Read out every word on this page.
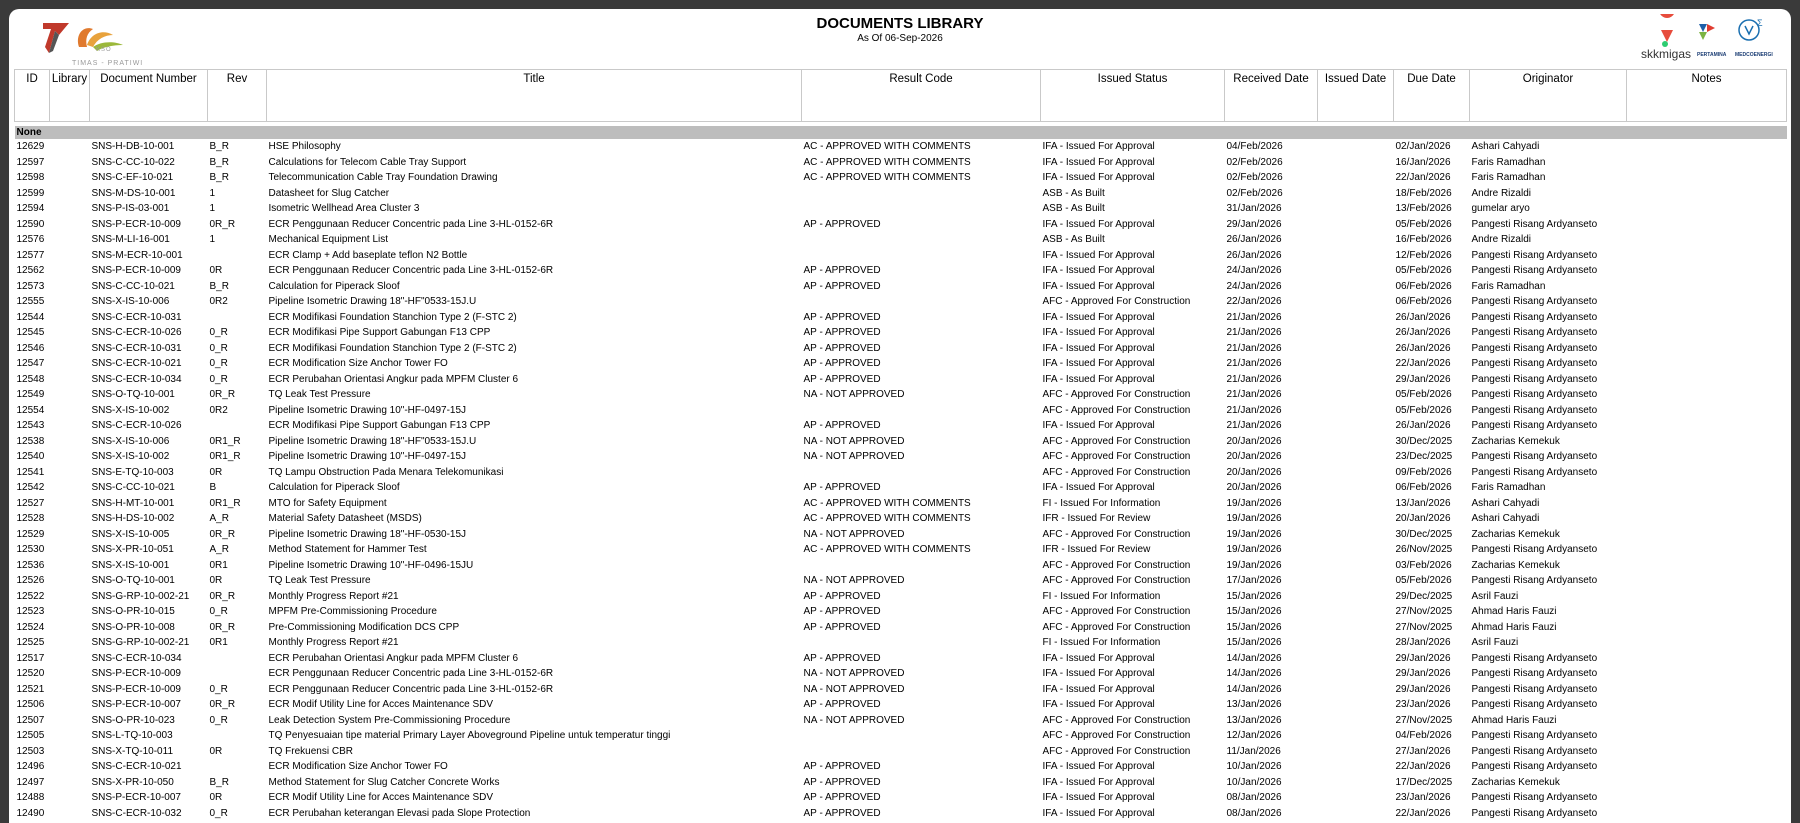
KSO
TIMAS - PRATIWI
DOCUMENTS LIBRARY
As Of 06-Sep-2026
Σ
skkmigas PERTAMINA MEDCOENERGI
ID	Library	Document Number	Rev	Title	Result Code	Issued Status	Received Date	Issued Date	Due Date	Originator	Notes

None											
12629		SNS-H-DB-10-001	B_R	HSE Philosophy	AC - APPROVED WITH COMMENTS	IFA - Issued For Approval	04/Feb/2026		02/Jan/2026	Ashari Cahyadi	
12597		SNS-C-CC-10-022	B_R	Calculations for Telecom Cable Tray Support	AC - APPROVED WITH COMMENTS	IFA - Issued For Approval	02/Feb/2026		16/Jan/2026	Faris Ramadhan	
12598		SNS-C-EF-10-021	B_R	Telecommunication Cable Tray Foundation Drawing	AC - APPROVED WITH COMMENTS	IFA - Issued For Approval	02/Feb/2026		22/Jan/2026	Faris Ramadhan	
12599		SNS-M-DS-10-001	1	Datasheet for Slug Catcher		ASB - As Built	02/Feb/2026		18/Feb/2026	Andre Rizaldi	
12594		SNS-P-IS-03-001	1	Isometric Wellhead Area Cluster 3		ASB - As Built	31/Jan/2026		13/Feb/2026	gumelar aryo	
12590		SNS-P-ECR-10-009	0R_R	ECR Penggunaan Reducer Concentric pada Line 3-HL-0152-6R	AP - APPROVED	IFA - Issued For Approval	29/Jan/2026		05/Feb/2026	Pangesti Risang Ardyanseto	
12576		SNS-M-LI-16-001	1	Mechanical Equipment List		ASB - As Built	26/Jan/2026		16/Feb/2026	Andre Rizaldi	
12577		SNS-M-ECR-10-001		ECR Clamp + Add baseplate teflon N2 Bottle		IFA - Issued For Approval	26/Jan/2026		12/Feb/2026	Pangesti Risang Ardyanseto	
12562		SNS-P-ECR-10-009	0R	ECR Penggunaan Reducer Concentric pada Line 3-HL-0152-6R	AP - APPROVED	IFA - Issued For Approval	24/Jan/2026		05/Feb/2026	Pangesti Risang Ardyanseto	
12573		SNS-C-CC-10-021	B_R	Calculation for Piperack Sloof	AP - APPROVED	IFA - Issued For Approval	24/Jan/2026		06/Feb/2026	Faris Ramadhan	
12555		SNS-X-IS-10-006	0R2	Pipeline Isometric Drawing 18"-HF"0533-15J.U		AFC - Approved For Construction	22/Jan/2026		06/Feb/2026	Pangesti Risang Ardyanseto	
12544		SNS-C-ECR-10-031		ECR Modifikasi Foundation Stanchion Type 2 (F-STC 2)	AP - APPROVED	IFA - Issued For Approval	21/Jan/2026		26/Jan/2026	Pangesti Risang Ardyanseto	
12545		SNS-C-ECR-10-026	0_R	ECR Modifikasi Pipe Support Gabungan F13 CPP	AP - APPROVED	IFA - Issued For Approval	21/Jan/2026		26/Jan/2026	Pangesti Risang Ardyanseto	
12546		SNS-C-ECR-10-031	0_R	ECR Modifikasi Foundation Stanchion Type 2 (F-STC 2)	AP - APPROVED	IFA - Issued For Approval	21/Jan/2026		26/Jan/2026	Pangesti Risang Ardyanseto	
12547		SNS-C-ECR-10-021	0_R	ECR Modification Size Anchor Tower FO	AP - APPROVED	IFA - Issued For Approval	21/Jan/2026		22/Jan/2026	Pangesti Risang Ardyanseto	
12548		SNS-C-ECR-10-034	0_R	ECR Perubahan Orientasi Angkur pada MPFM Cluster 6	AP - APPROVED	IFA - Issued For Approval	21/Jan/2026		29/Jan/2026	Pangesti Risang Ardyanseto	
12549		SNS-O-TQ-10-001	0R_R	TQ Leak Test Pressure	NA - NOT APPROVED	AFC - Approved For Construction	21/Jan/2026		05/Feb/2026	Pangesti Risang Ardyanseto	
12554		SNS-X-IS-10-002	0R2	Pipeline Isometric Drawing 10"-HF-0497-15J		AFC - Approved For Construction	21/Jan/2026		05/Feb/2026	Pangesti Risang Ardyanseto	
12543		SNS-C-ECR-10-026		ECR Modifikasi Pipe Support Gabungan F13 CPP	AP - APPROVED	IFA - Issued For Approval	21/Jan/2026		26/Jan/2026	Pangesti Risang Ardyanseto	
12538		SNS-X-IS-10-006	0R1_R	Pipeline Isometric Drawing 18"-HF"0533-15J.U	NA - NOT APPROVED	AFC - Approved For Construction	20/Jan/2026		30/Dec/2025	Zacharias Kemekuk	
12540		SNS-X-IS-10-002	0R1_R	Pipeline Isometric Drawing 10"-HF-0497-15J	NA - NOT APPROVED	AFC - Approved For Construction	20/Jan/2026		23/Dec/2025	Pangesti Risang Ardyanseto	
12541		SNS-E-TQ-10-003	0R	TQ Lampu Obstruction Pada Menara Telekomunikasi		AFC - Approved For Construction	20/Jan/2026		09/Feb/2026	Pangesti Risang Ardyanseto	
12542		SNS-C-CC-10-021	B	Calculation for Piperack Sloof	AP - APPROVED	IFA - Issued For Approval	20/Jan/2026		06/Feb/2026	Faris Ramadhan	
12527		SNS-H-MT-10-001	0R1_R	MTO for Safety Equipment	AC - APPROVED WITH COMMENTS	FI - Issued For Information	19/Jan/2026		13/Jan/2026	Ashari Cahyadi	
12528		SNS-H-DS-10-002	A_R	Material Safety Datasheet (MSDS)	AC - APPROVED WITH COMMENTS	IFR - Issued For Review	19/Jan/2026		20/Jan/2026	Ashari Cahyadi	
12529		SNS-X-IS-10-005	0R_R	Pipeline Isometric Drawing 18"-HF-0530-15J	NA - NOT APPROVED	AFC - Approved For Construction	19/Jan/2026		30/Dec/2025	Zacharias Kemekuk	
12530		SNS-X-PR-10-051	A_R	Method Statement for Hammer Test	AC - APPROVED WITH COMMENTS	IFR - Issued For Review	19/Jan/2026		26/Nov/2025	Pangesti Risang Ardyanseto	
12536		SNS-X-IS-10-001	0R1	Pipeline Isometric Drawing 10"-HF-0496-15JU		AFC - Approved For Construction	19/Jan/2026		03/Feb/2026	Zacharias Kemekuk	
12526		SNS-O-TQ-10-001	0R	TQ Leak Test Pressure	NA - NOT APPROVED	AFC - Approved For Construction	17/Jan/2026		05/Feb/2026	Pangesti Risang Ardyanseto	
12522		SNS-G-RP-10-002-21	0R_R	Monthly Progress Report #21	AP - APPROVED	FI - Issued For Information	15/Jan/2026		29/Dec/2025	Asril Fauzi	
12523		SNS-O-PR-10-015	0_R	MPFM Pre-Commissioning Procedure	AP - APPROVED	AFC - Approved For Construction	15/Jan/2026		27/Nov/2025	Ahmad Haris Fauzi	
12524		SNS-O-PR-10-008	0R_R	Pre-Commissioning Modification DCS CPP	AP - APPROVED	AFC - Approved For Construction	15/Jan/2026		27/Nov/2025	Ahmad Haris Fauzi	
12525		SNS-G-RP-10-002-21	0R1	Monthly Progress Report #21		FI - Issued For Information	15/Jan/2026		28/Jan/2026	Asril Fauzi	
12517		SNS-C-ECR-10-034		ECR Perubahan Orientasi Angkur pada MPFM Cluster 6	AP - APPROVED	IFA - Issued For Approval	14/Jan/2026		29/Jan/2026	Pangesti Risang Ardyanseto	
12520		SNS-P-ECR-10-009		ECR Penggunaan Reducer Concentric pada Line 3-HL-0152-6R	NA - NOT APPROVED	IFA - Issued For Approval	14/Jan/2026		29/Jan/2026	Pangesti Risang Ardyanseto	
12521		SNS-P-ECR-10-009	0_R	ECR Penggunaan Reducer Concentric pada Line 3-HL-0152-6R	NA - NOT APPROVED	IFA - Issued For Approval	14/Jan/2026		29/Jan/2026	Pangesti Risang Ardyanseto	
12506		SNS-P-ECR-10-007	0R_R	ECR Modif Utility Line for Acces Maintenance SDV	AP - APPROVED	IFA - Issued For Approval	13/Jan/2026		23/Jan/2026	Pangesti Risang Ardyanseto	
12507		SNS-O-PR-10-023	0_R	Leak Detection System Pre-Commissioning Procedure	NA - NOT APPROVED	AFC - Approved For Construction	13/Jan/2026		27/Nov/2025	Ahmad Haris Fauzi	
12505		SNS-L-TQ-10-003		TQ Penyesuaian tipe material Primary Layer Aboveground Pipeline untuk temperatur tinggi		AFC - Approved For Construction	12/Jan/2026		04/Feb/2026	Pangesti Risang Ardyanseto	
12503		SNS-X-TQ-10-011	0R	TQ Frekuensi CBR		AFC - Approved For Construction	11/Jan/2026		27/Jan/2026	Pangesti Risang Ardyanseto	
12496		SNS-C-ECR-10-021		ECR Modification Size Anchor Tower FO	AP - APPROVED	IFA - Issued For Approval	10/Jan/2026		22/Jan/2026	Pangesti Risang Ardyanseto	
12497		SNS-X-PR-10-050	B_R	Method Statement for Slug Catcher Concrete Works	AP - APPROVED	IFA - Issued For Approval	10/Jan/2026		17/Dec/2025	Zacharias Kemekuk	
12488		SNS-P-ECR-10-007	0R	ECR Modif Utility Line for Acces Maintenance SDV	AP - APPROVED	IFA - Issued For Approval	08/Jan/2026		23/Jan/2026	Pangesti Risang Ardyanseto	
12490		SNS-C-ECR-10-032	0_R	ECR Perubahan keterangan Elevasi pada Slope Protection	AP - APPROVED	IFA - Issued For Approval	08/Jan/2026		22/Jan/2026	Pangesti Risang Ardyanseto	
